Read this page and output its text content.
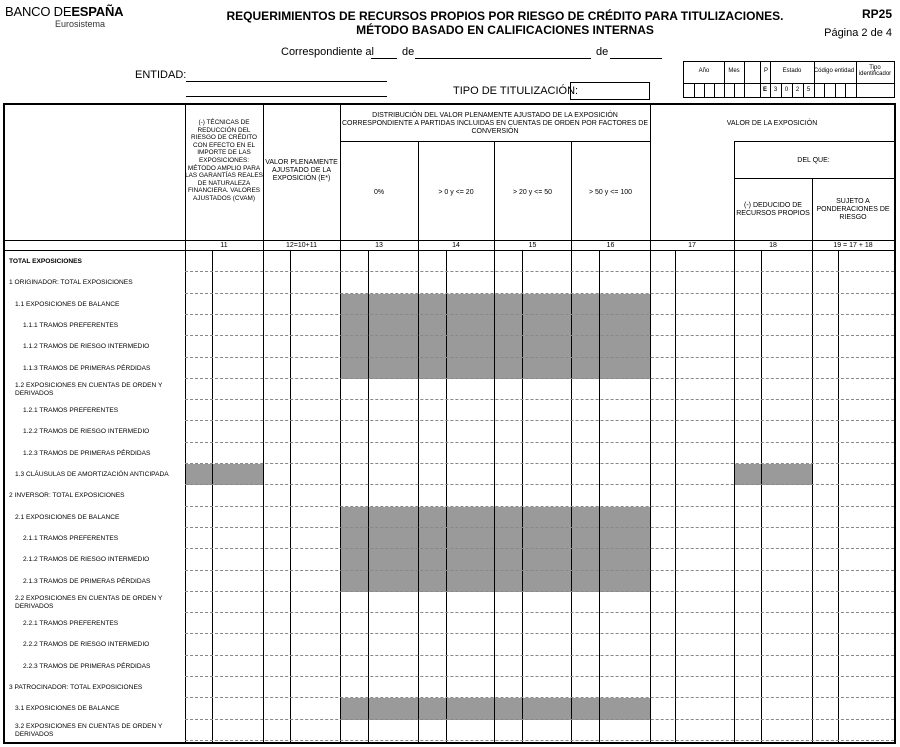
BANCO DEESPAÑA
Eurosistema
REQUERIMIENTOS DE RECURSOS PROPIOS POR RIESGO DE CRÉDITO PARA TITULIZACIONES.
MÉTODO BASADO EN CALIFICACIONES INTERNAS
RP25
Página 2 de 4
Correspondiente al	de	de
ENTIDAD:
TIPO DE TITULIZACIÓN:
Año	Mes	P	Estado	Código entidad	Tipo identificador
E	3	0	2	5
(-) TÉCNICAS DE REDUCCIÓN DEL RIESGO DE CRÉDITO CON EFECTO EN EL IMPORTE DE LAS EXPOSICIONES: MÉTODO AMPLIO PARA LAS GARANTÍAS REALES DE NATURALEZA FINANCIERA. VALORES AJUSTADOS (CVAM)
VALOR PLENAMENTE AJUSTADO DE LA EXPOSICIÓN (E*)
DISTRIBUCIÓN DEL VALOR PLENAMENTE AJUSTADO DE LA EXPOSICIÓN CORRESPONDIENTE A PARTIDAS INCLUIDAS EN CUENTAS DE ORDEN POR FACTORES DE CONVERSIÓN
0%	> 0 y <= 20	> 20 y <= 50	> 50 y <= 100
VALOR DE LA EXPOSICIÓN
DEL QUE:
(-) DEDUCIDO DE RECURSOS PROPIOS
SUJETO A PONDERACIONES DE RIESGO
11	12=10+11	13	14	15	16	17	18	19 = 17 + 18
TOTAL EXPOSICIONES
1 ORIGINADOR: TOTAL EXPOSICIONES
1.1 EXPOSICIONES DE BALANCE
1.1.1 TRAMOS PREFERENTES
1.1.2 TRAMOS DE RIESGO INTERMEDIO
1.1.3 TRAMOS DE PRIMERAS PÉRDIDAS
1.2 EXPOSICIONES EN CUENTAS DE ORDEN Y
DERIVADOS
1.2.1 TRAMOS PREFERENTES
1.2.2 TRAMOS DE RIESGO INTERMEDIO
1.2.3 TRAMOS DE PRIMERAS PÉRDIDAS
1.3 CLÁUSULAS DE AMORTIZACIÓN ANTICIPADA
2 INVERSOR: TOTAL EXPOSICIONES
2.1 EXPOSICIONES DE BALANCE
2.1.1 TRAMOS PREFERENTES
2.1.2 TRAMOS DE RIESGO INTERMEDIO
2.1.3 TRAMOS DE PRIMERAS PÉRDIDAS
2.2 EXPOSICIONES EN CUENTAS DE ORDEN Y
DERIVADOS
2.2.1 TRAMOS PREFERENTES
2.2.2 TRAMOS DE RIESGO INTERMEDIO
2.2.3 TRAMOS DE PRIMERAS PÉRDIDAS
3 PATROCINADOR: TOTAL EXPOSICIONES
3.1 EXPOSICIONES DE BALANCE
3.2 EXPOSICIONES EN CUENTAS DE ORDEN Y
DERIVADOS
